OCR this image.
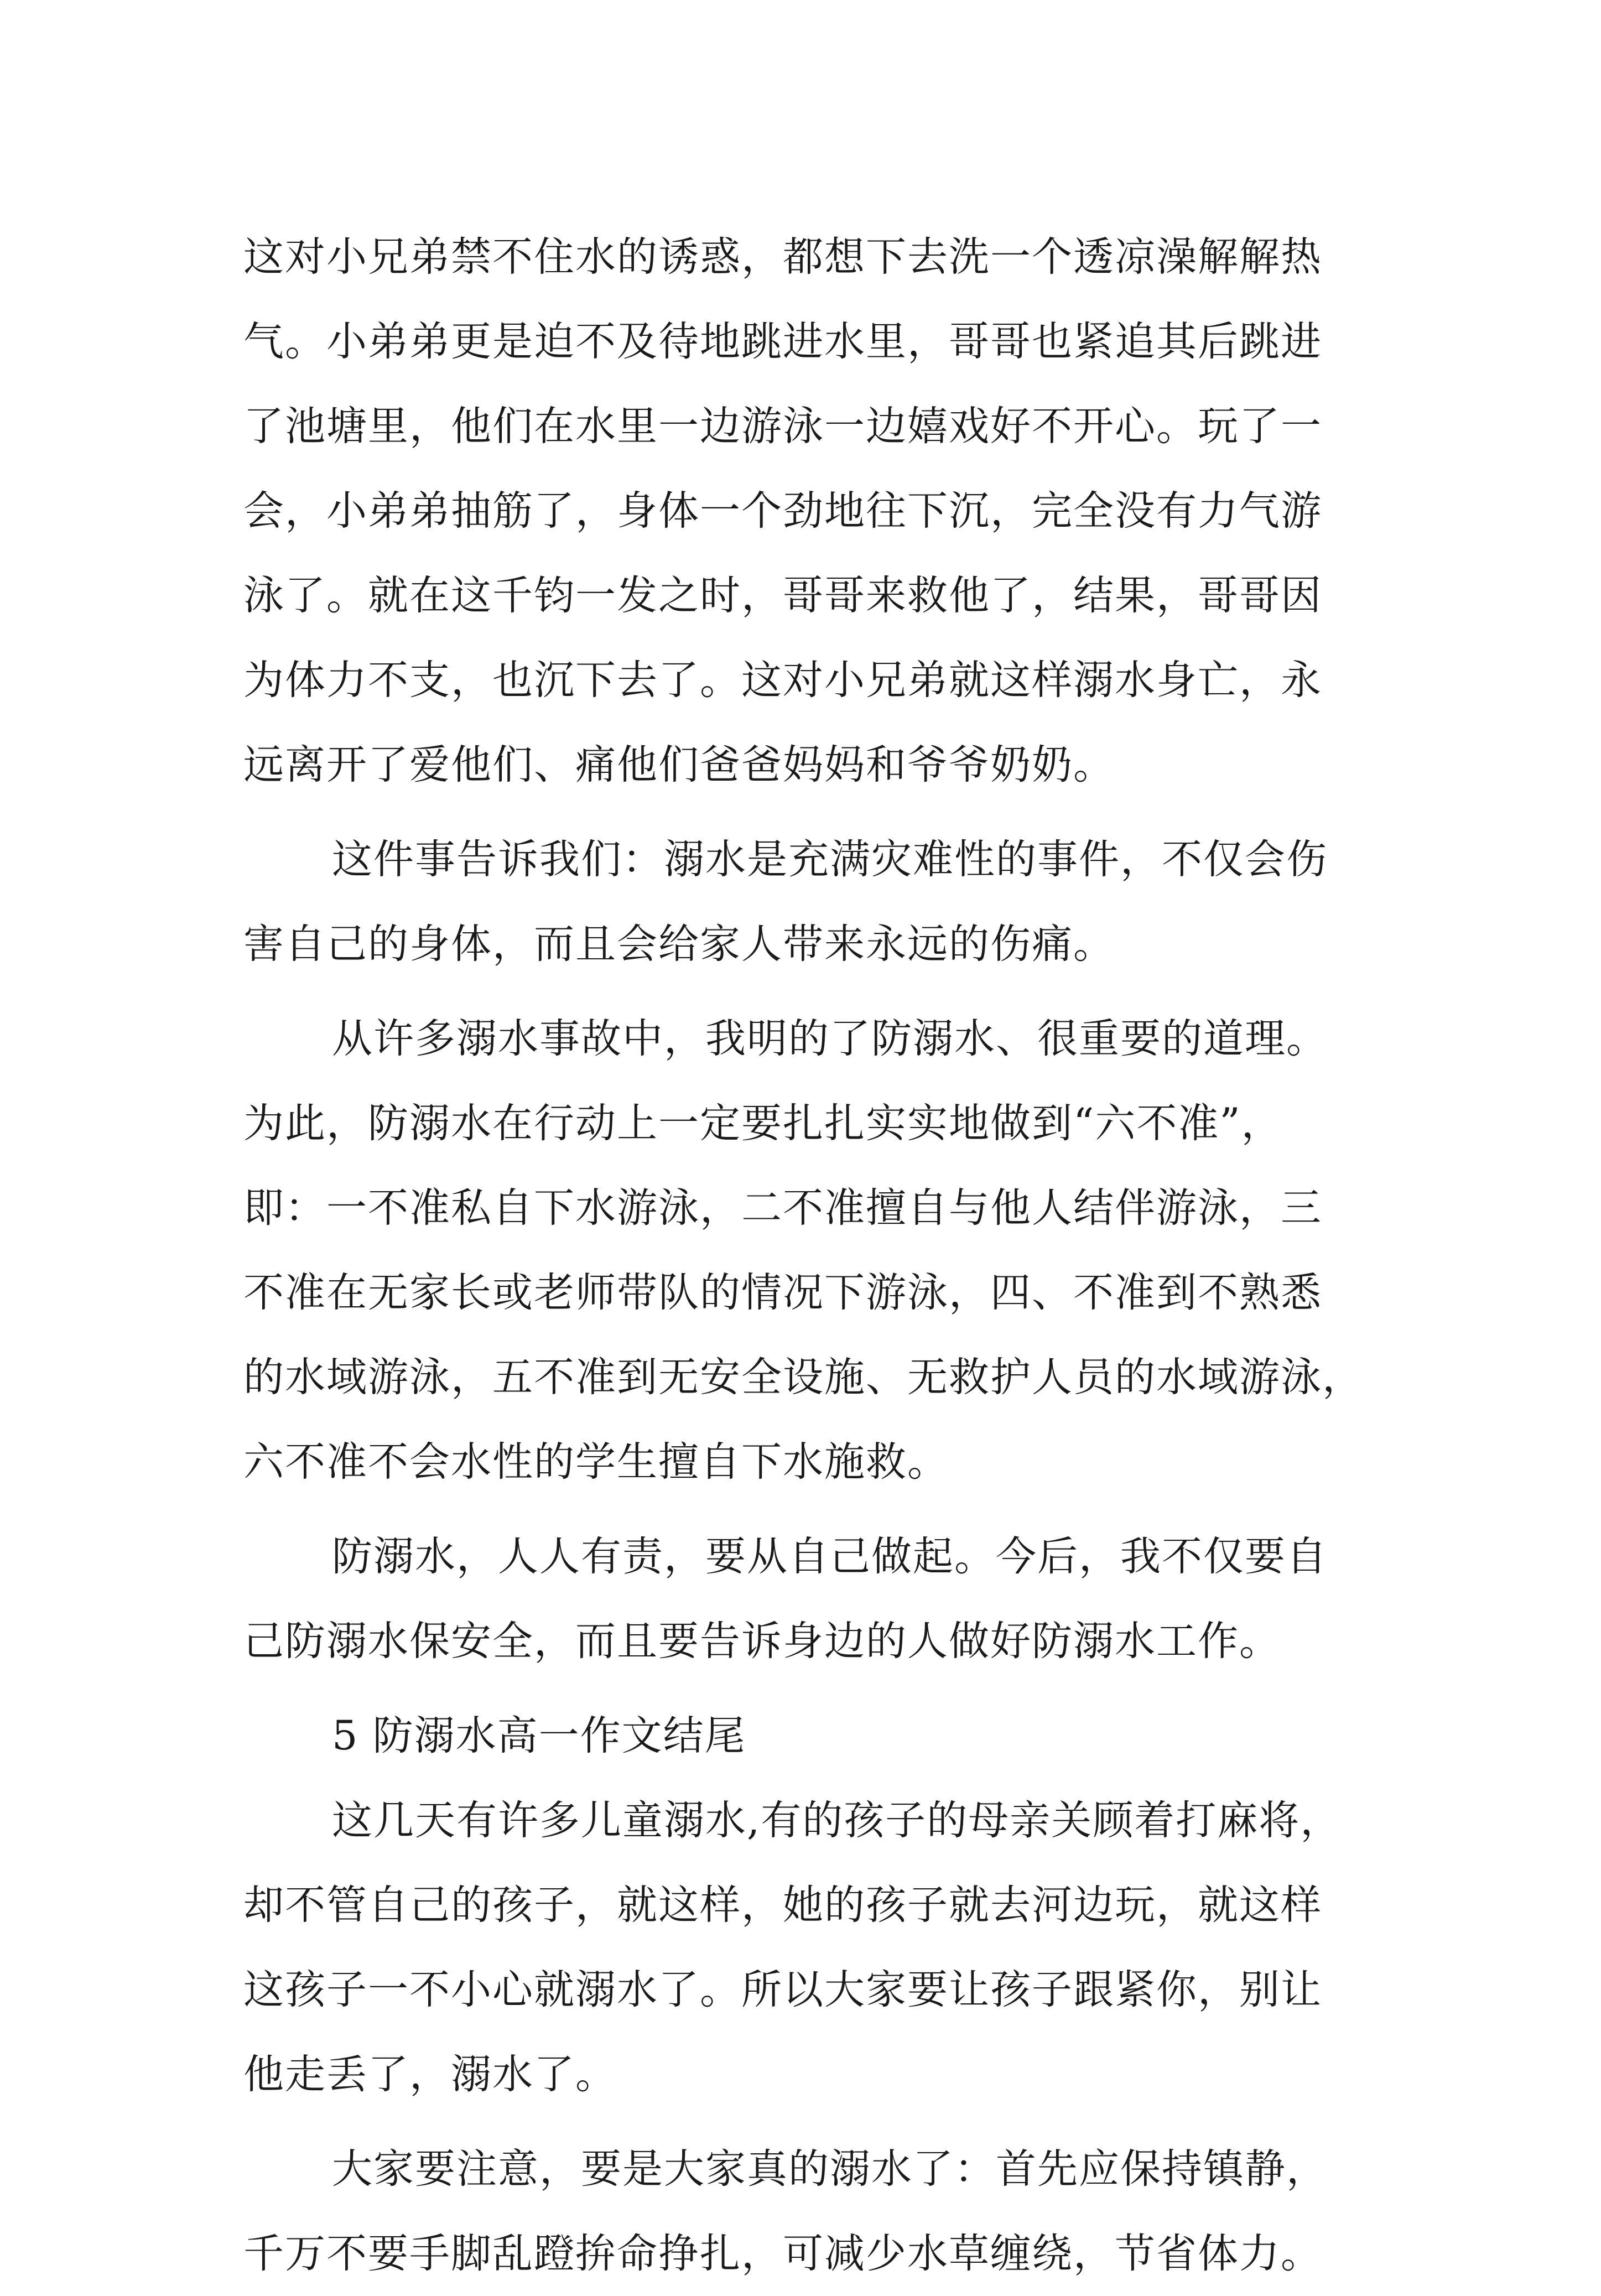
这对小兄弟禁不住水的诱惑，都想下去洗一个透凉澡解解热
气。小弟弟更是迫不及待地跳进水里，哥哥也紧追其后跳进
了池塘里，他们在水里一边游泳一边嬉戏好不开心。玩了一
会，小弟弟抽筋了，身体一个劲地往下沉，完全没有力气游
泳了。就在这千钧一发之时，哥哥来救他了，结果，哥哥因
为体力不支，也沉下去了。这对小兄弟就这样溺水身亡，永
远离开了爱他们、痛他们爸爸妈妈和爷爷奶奶。
这件事告诉我们：溺水是充满灾难性的事件，不仅会伤
害自己的身体，而且会给家人带来永远的伤痛。
从许多溺水事故中，我明的了防溺水、很重要的道理。
为此，防溺水在行动上一定要扎扎实实地做到“六不准”，
即：一不准私自下水游泳，二不准擅自与他人结伴游泳，三
不准在无家长或老师带队的情况下游泳，四、不准到不熟悉
的水域游泳，五不准到无安全设施、无救护人员的水域游泳，
六不准不会水性的学生擅自下水施救。
防溺水，人人有责，要从自己做起。今后，我不仅要自
己防溺水保安全，而且要告诉身边的人做好防溺水工作。
5 防溺水高一作文结尾
这几天有许多儿童溺水,有的孩子的母亲关顾着打麻将，
却不管自己的孩子，就这样，她的孩子就去河边玩，就这样
这孩子一不小心就溺水了。所以大家要让孩子跟紧你，别让
他走丢了，溺水了。
大家要注意，要是大家真的溺水了：首先应保持镇静，
千万不要手脚乱蹬拚命挣扎，可减少水草缠绕，节省体力。
